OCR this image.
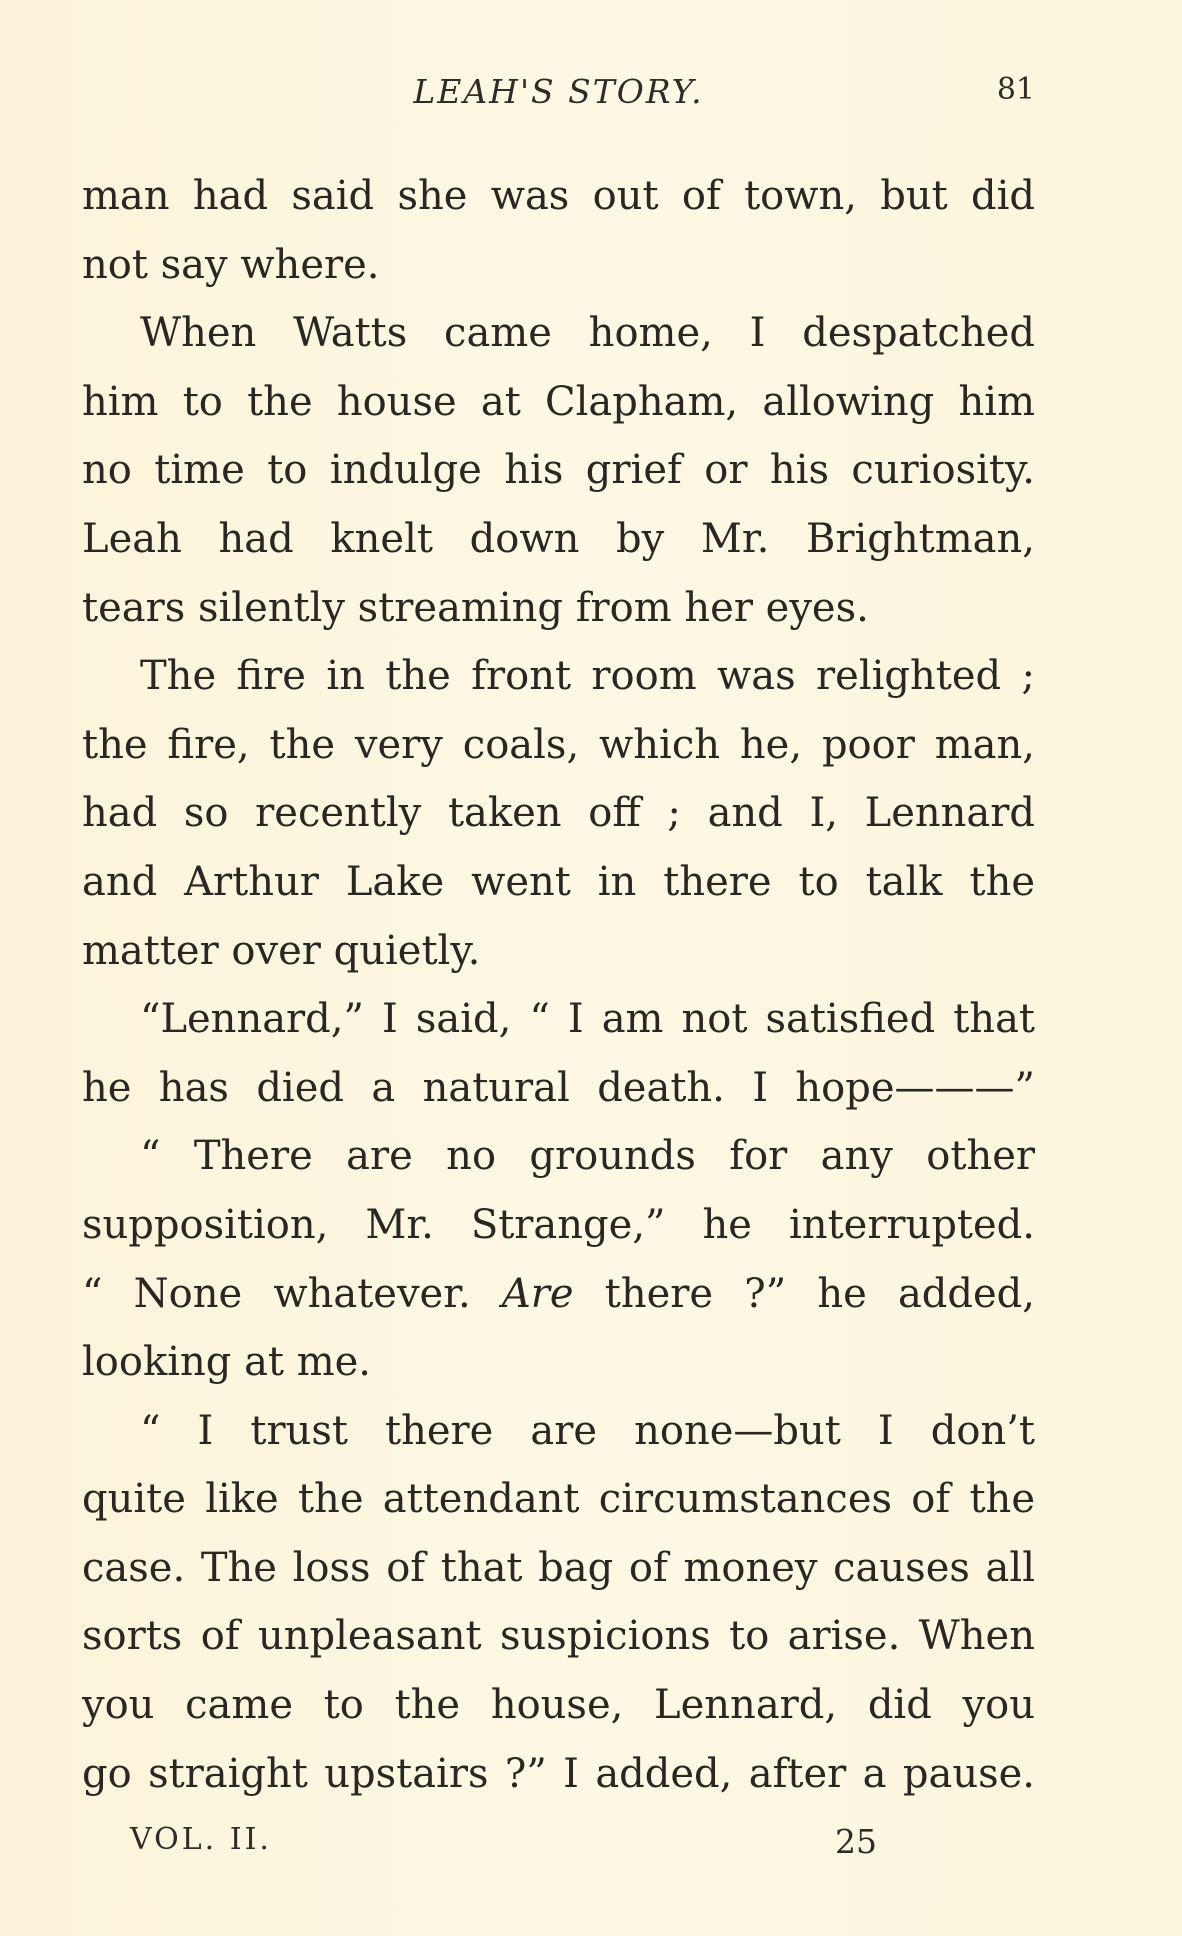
LEAH'S STORY.	81
man had said she was out of town, but did
not say where.
When Watts came home, I despatched
him to the house at Clapham, allowing him
no time to indulge his grief or his curiosity.
Leah had knelt down by Mr. Brightman,
tears silently streaming from her eyes.
The fire in the front room was relighted ;
the fire, the very coals, which he, poor man,
had so recently taken off ; and I, Lennard
and Arthur Lake went in there to talk the
matter over quietly.
“Lennard,” I said, “ I am not satisfied that
he has died a natural death. I hope———”
“ There are no grounds for any other
supposition, Mr. Strange,” he interrupted.
“ None whatever. Are there ?” he added,
looking at me.
“ I trust there are none—but I don’t
quite like the attendant circumstances of the
case. The loss of that bag of money causes all
sorts of unpleasant suspicions to arise. When
you came to the house, Lennard, did you
go straight upstairs ?” I added, after a pause.
VOL. II.	25
